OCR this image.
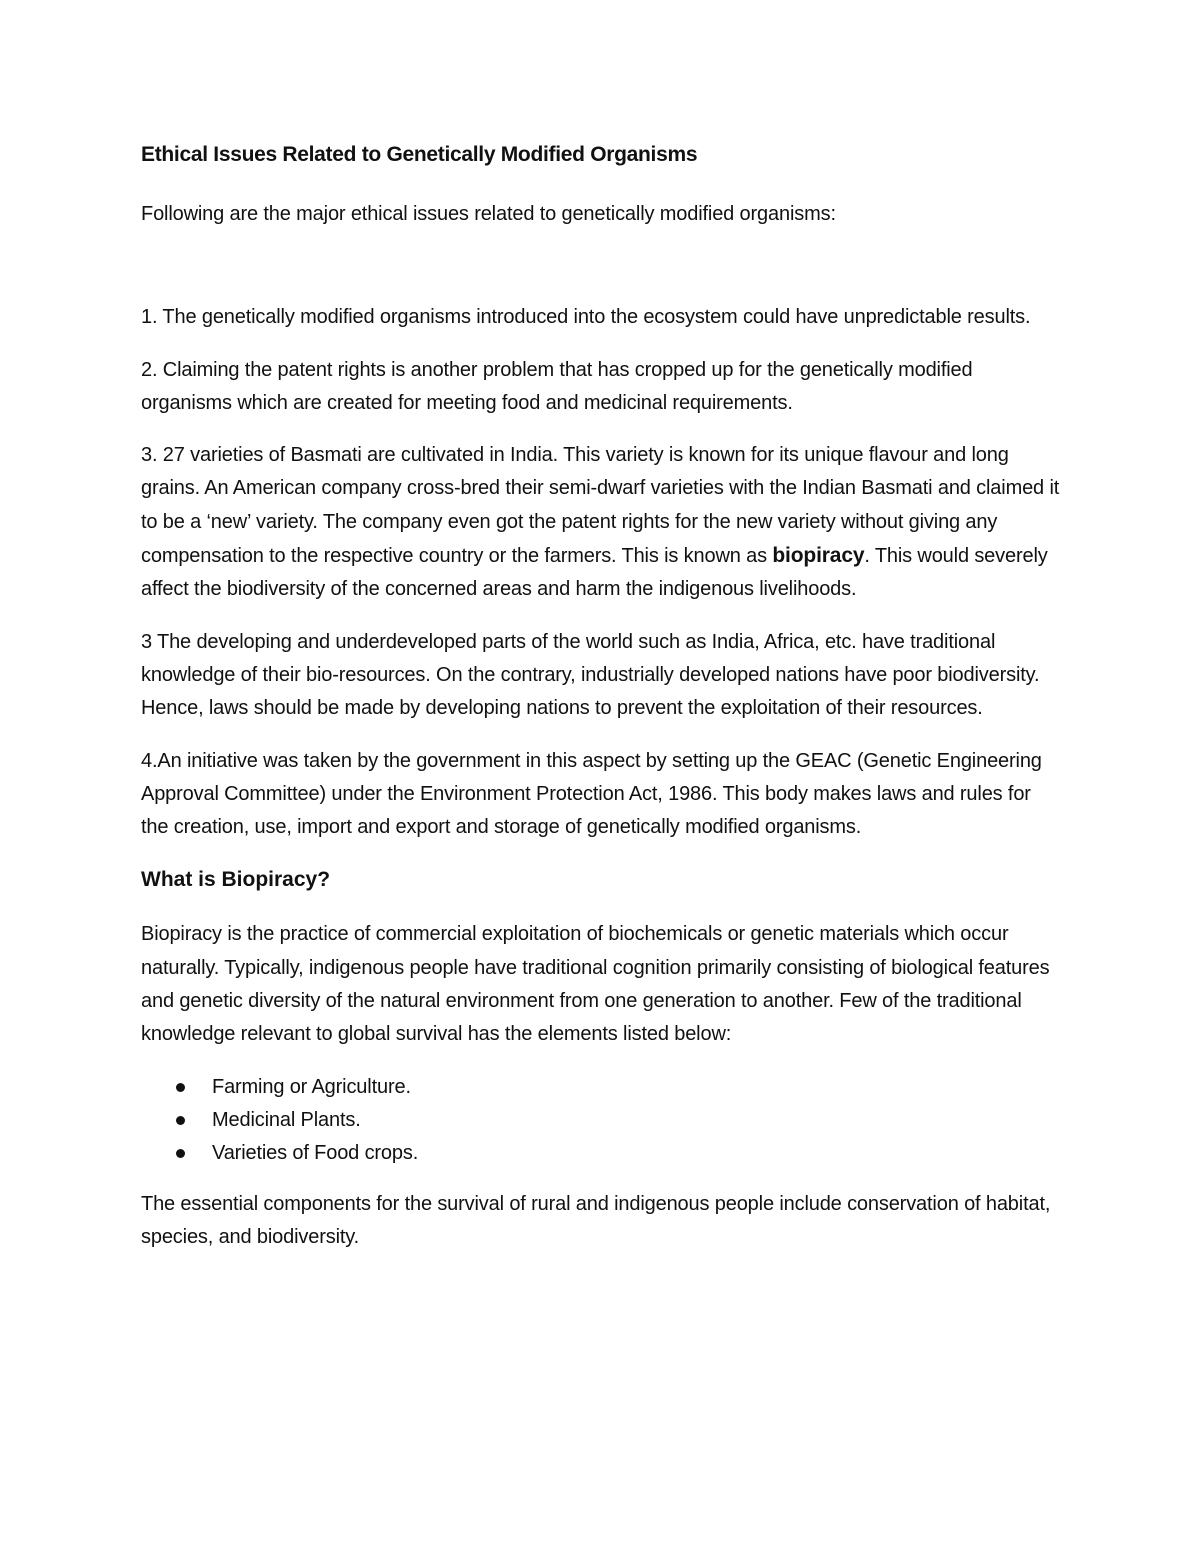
Ethical Issues Related to Genetically Modified Organisms

Following are the major ethical issues related to genetically modified organisms:

1. The genetically modified organisms introduced into the ecosystem could have unpredictable results.

2. Claiming the patent rights is another problem that has cropped up for the genetically modified organisms which are created for meeting food and medicinal requirements.

3. 27 varieties of Basmati are cultivated in India. This variety is known for its unique flavour and long grains. An American company cross-bred their semi-dwarf varieties with the Indian Basmati and claimed it to be a ‘new’ variety. The company even got the patent rights for the new variety without giving any compensation to the respective country or the farmers. This is known as biopiracy. This would severely affect the biodiversity of the concerned areas and harm the indigenous livelihoods.

3 The developing and underdeveloped parts of the world such as India, Africa, etc. have traditional knowledge of their bio-resources. On the contrary, industrially developed nations have poor biodiversity. Hence, laws should be made by developing nations to prevent the exploitation of their resources.

4.An initiative was taken by the government in this aspect by setting up the GEAC (Genetic Engineering Approval Committee) under the Environment Protection Act, 1986. This body makes laws and rules for the creation, use, import and export and storage of genetically modified organisms.

What is Biopiracy?

Biopiracy is the practice of commercial exploitation of biochemicals or genetic materials which occur naturally. Typically, indigenous people have traditional cognition primarily consisting of biological features and genetic diversity of the natural environment from one generation to another. Few of the traditional knowledge relevant to global survival has the elements listed below:

Farming or Agriculture.
Medicinal Plants.
Varieties of Food crops.

The essential components for the survival of rural and indigenous people include conservation of habitat, species, and biodiversity.
